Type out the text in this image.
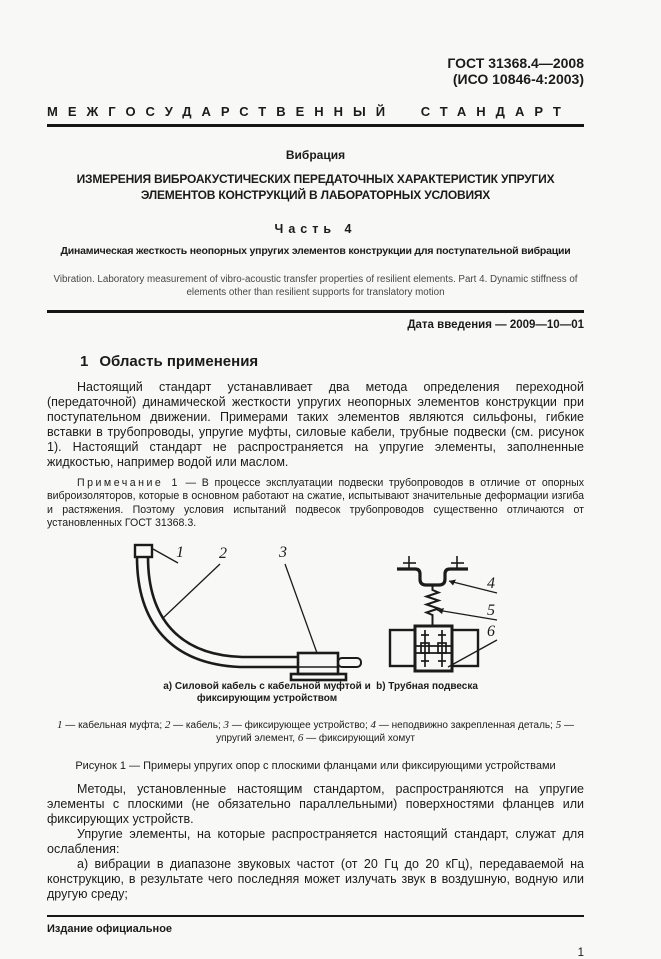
ГОСТ 31368.4—2008
(ИСО 10846-4:2003)
МЕЖГОСУДАРСТВЕННЫЙ СТАНДАРТ
Вибрация
ИЗМЕРЕНИЯ ВИБРОАКУСТИЧЕСКИХ ПЕРЕДАТОЧНЫХ ХАРАКТЕРИСТИК УПРУГИХ ЭЛЕМЕНТОВ КОНСТРУКЦИЙ В ЛАБОРАТОРНЫХ УСЛОВИЯХ
Часть 4
Динамическая жесткость неопорных упругих элементов конструкции для поступательной вибрации
Vibration. Laboratory measurement of vibro-acoustic transfer properties of resilient elements. Part 4. Dynamic stiffness of elements other than resilient supports for translatory motion
Дата введения — 2009—10—01
1 Область применения

Настоящий стандарт устанавливает два метода определения переходной (передаточной) динамической жесткости упругих неопорных элементов конструкции при поступательном движении. Примерами таких элементов являются сильфоны, гибкие вставки в трубопроводы, упругие муфты, силовые кабели, трубные подвески (см. рисунок 1). Настоящий стандарт не распространяется на упругие элементы, заполненные жидкостью, например водой или маслом.

Примечание 1 — В процессе эксплуатации подвески трубопроводов в отличие от опорных виброизоляторов, которые в основном работают на сжатие, испытывают значительные деформации изгиба и растяжения. Поэтому условия испытаний подвесок трубопроводов существенно отличаются от установленных ГОСТ 31368.3.

1 2	3
4
5
6
а) Силовой кабель с кабельной муфтой и фиксирующим устройством
b) Трубная подвеска
1 — кабельная муфта; 2 — кабель; 3 — фиксирующее устройство; 4 — неподвижно закрепленная деталь; 5 — упругий элемент, 6 — фиксирующий хомут
Рисунок 1 — Примеры упругих опор с плоскими фланцами или фиксирующими устройствами

Методы, установленные настоящим стандартом, распространяются на упругие элементы с плоскими (не обязательно параллельными) поверхностями фланцев или фиксирующих устройств.

Упругие элементы, на которые распространяется настоящий стандарт, служат для ослабления:

а) вибрации в диапазоне звуковых частот (от 20 Гц до 20 кГц), передаваемой на конструкцию, в результате чего последняя может излучать звук в воздушную, водную или другую среду;

Издание официальное
1
